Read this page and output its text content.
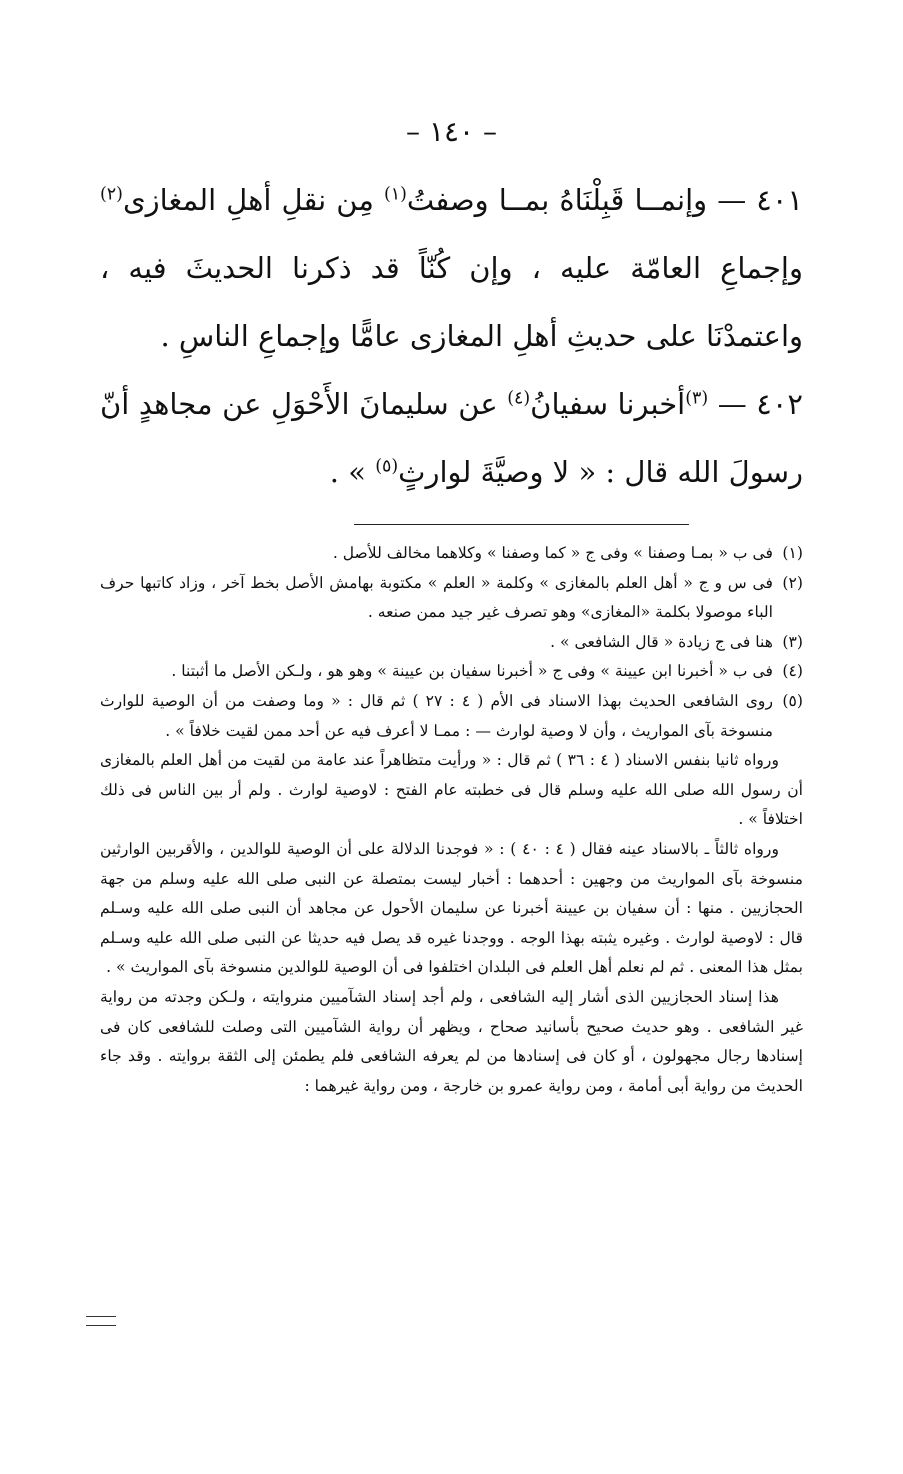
– ١٤٠ –

٤٠١ — وإنمــا قَبِلْنَاهُ بمــا وصفتُ$^{(١)}$ مِن نقلِ أهلِ المغازى$^{(٢)}$ وإجماعِ العامّة عليه ، وإن كُنّاً قد ذكرنا الحديثَ فيه ، واعتمدْنَا على حديثِ أهلِ المغازى عامًّا وإجماعِ الناسِ .

٤٠٢ — $^{(٣)}$أخبرنا سفيانُ$^{(٤)}$ عن سليمانَ الأَحْوَلِ عن مجاهدٍ أنّ رسولَ الله قال : « لا وصيَّةَ لوارثٍ$^{(٥)}$ » .

(١)فى ب « بمـا وصفنا » وفى ج « كما وصفنا » وكلاهما مخالف للأصل .

(٢)فى س و ج « أهل العلم بالمغازى » وكلمة « العلم » مكتوبة بهامش الأصل بخط آخر ، وزاد كاتبها حرف الباء موصولا بكلمة «المغازى» وهو تصرف غير جيد ممن صنعه .

(٣)هنا فى ج زيادة « قال الشافعى » .

(٤)فى ب « أخبرنا ابن عيينة » وفى ج « أخبرنا سفيان بن عيينة » وهو هو ، ولـكن الأصل ما أثبتنا .

(٥)روى الشافعى الحديث بهذا الاسناد فى الأم ( ٤ : ٢٧ ) ثم قال : « وما وصفت من أن الوصية للوارث منسوخة بآى المواريث ، وأن لا وصية لوارث — : ممـا لا أعرف فيه عن أحد ممن لقيت خلافاً » .

ورواه ثانيا بنفس الاسناد ( ٤ : ٣٦ ) ثم قال : « ورأيت متظاهراً عند عامة من لقيت من أهل العلم بالمغازى أن رسول الله صلى الله عليه وسلم قال فى خطبته عام الفتح : لاوصية لوارث . ولم أر بين الناس فى ذلك اختلافاً » .

ورواه ثالثاً ـ بالاسناد عينه فقال ( ٤ : ٤٠ ) : « فوجدنا الدلالة على أن الوصية للوالدين ، والأقربين الوارثين منسوخة بآى المواريث من وجهين : أحدهما : أخبار ليست بمتصلة عن النبى صلى الله عليه وسلم من جهة الحجازيين . منها : أن سفيان بن عيينة أخبرنا عن سليمان الأحول عن مجاهد أن النبى صلى الله عليه وسـلم قال : لاوصية لوارث . وغيره يثبته بهذا الوجه . ووجدنا غيره قد يصل فيه حديثا عن النبى صلى الله عليه وسـلم بمثل هذا المعنى . ثم لم نعلم أهل العلم فى البلدان اختلفوا فى أن الوصية للوالدين منسوخة بآى المواريث » .

هذا إسناد الحجازيين الذى أشار إليه الشافعى ، ولم أجد إسناد الشآميين منروايته ، ولـكن وجدته من رواية غير الشافعى . وهو حديث صحيح بأسانيد صحاح ، ويظهر أن رواية الشآميين التى وصلت للشافعى كان فى إسنادها رجال مجهولون ، أو كان فى إسنادها من لم يعرفه الشافعى فلم يطمئن إلى الثقة بروايته . وقد جاء الحديث من رواية أبى أمامة ، ومن رواية عمرو بن خارجة ، ومن رواية غيرهما :
